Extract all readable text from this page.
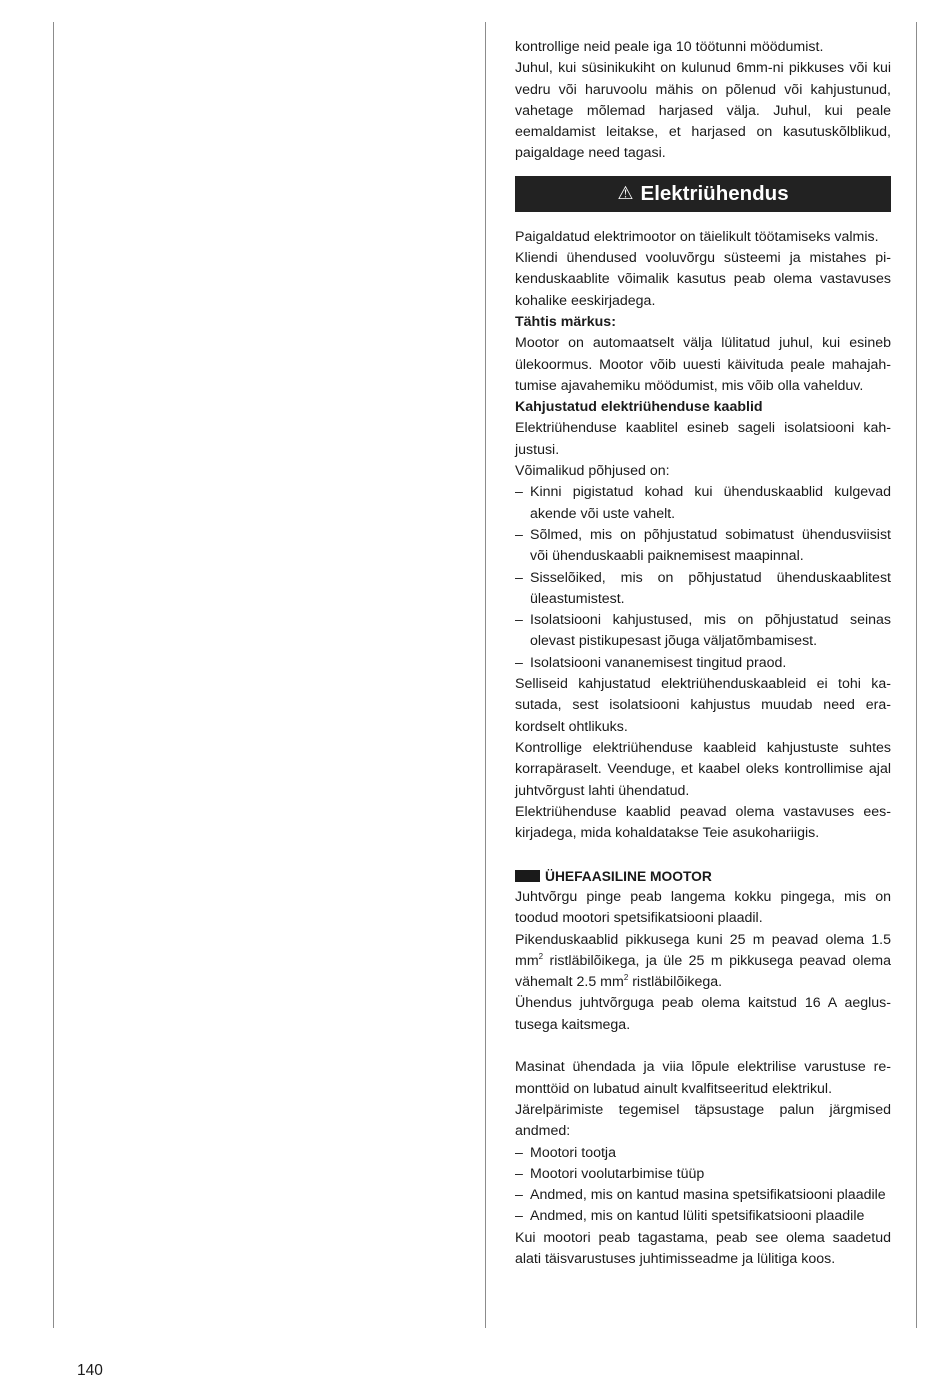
kontrollige neid peale iga 10 töötunni möödumist.

Juhul, kui süsinikukiht on kulunud 6mm-ni pikkuses või kui vedru või haruvoolu mähis on põlenud või kahjustunud, vahetage mõlemad harjased välja. Juhul, kui peale eemaldamist leitakse, et harjased on kasutuskõlblikud, paigaldage need tagasi.

⚠ Elektriühendus

Paigaldatud elektrimootor on täielikult töötamiseks valmis.

Kliendi ühendused vooluvõrgu süsteemi ja mistahes pikenduskaablite võimalik kasutus peab olema vastavuses kohalike eeskirjadega.

Tähtis märkus:

Mootor on automaatselt välja lülitatud juhul, kui esineb ülekoormus. Mootor võib uuesti käivituda peale mahajahtumise ajavahemiku möödumist, mis võib olla vahelduv.

Kahjustatud elektriühenduse kaablid

Elektriühenduse kaablitel esineb sageli isolatsiooni kahjustusi.

Võimalikud põhjused on:

– Kinni pigistatud kohad kui ühenduskaablid kulgevad akende või uste vahelt.
– Sõlmed, mis on põhjustatud sobimatust ühendusviisist või ühenduskaabli paiknemisest maapinnal.
– Sisselõiked, mis on põhjustatud ühenduskaablitest üleastumistest.
– Isolatsiooni kahjustused, mis on põhjustatud seinas olevast pistikupesast jõuga väljatõmbamisest.
– Isolatsiooni vananemisest tingitud praod.

Selliseid kahjustatud elektriühenduskaableid ei tohi kasutada, sest isolatsiooni kahjustus muudab need erakordselt ohtlikuks.

Kontrollige elektriühenduse kaableid kahjustuste suhtes korrapäraselt. Veenduge, et kaabel oleks kontrollimise ajal juhtvõrgust lahti ühendatud.

Elektriühenduse kaablid peavad olema vastavuses eeskirjadega, mida kohaldatakse Teie asukohariigis.

ÜHEFAASILINE MOOTOR

Juhtvõrgu pinge peab langema kokku pingega, mis on toodud mootori spetsifikatsiooni plaadil.

Pikenduskaablid pikkusega kuni 25 m peavad olema 1.5 $mm^2$ ristläbilõikega, ja üle 25 m pikkusega peavad olema vähemalt 2.5 $mm^2$ ristläbilõikega.

Ühendus juhtvõrguga peab olema kaitstud 16 A aeglustusega kaitsmega.

Masinat ühendada ja viia lõpule elektrilise varustuse remonttöid on lubatud ainult kvalfitseeritud elektrikul.

Järelpärimiste tegemisel täpsustage palun järgmised andmed:

– Mootori tootja
– Mootori voolutarbimise tüüp
– Andmed, mis on kantud masina spetsifikatsiooni plaadile
– Andmed, mis on kantud lüliti spetsifikatsiooni plaadile

Kui mootori peab tagastama, peab see olema saadetud alati täisvarustuses juhtimisseadme ja lülitiga koos.

140
